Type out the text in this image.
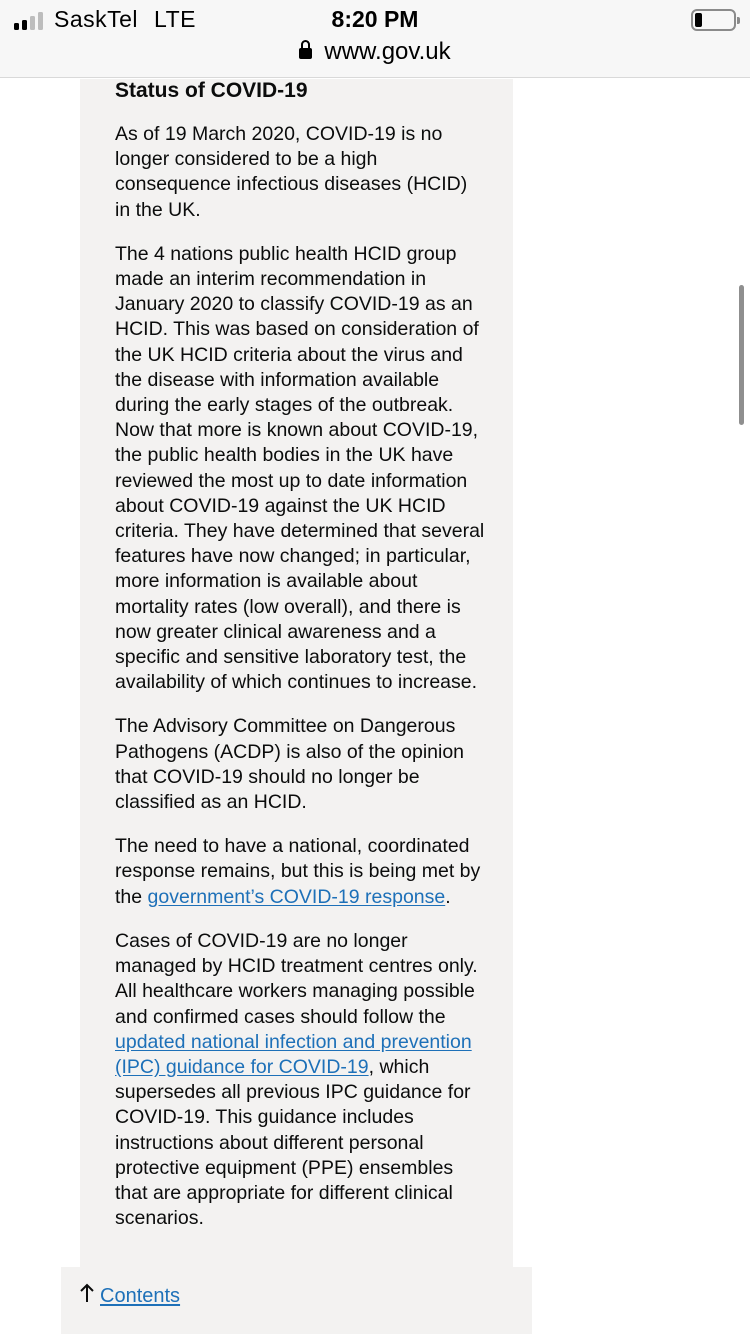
SaskTel LTE	8:20 PM
www.gov.uk
Status of COVID-19

As of 19 March 2020, COVID-19 is no longer considered to be a high consequence infectious diseases (HCID) in the UK.

The 4 nations public health HCID group made an interim recommendation in January 2020 to classify COVID-19 as an HCID. This was based on consideration of the UK HCID criteria about the virus and the disease with information available during the early stages of the outbreak. Now that more is known about COVID-19, the public health bodies in the UK have reviewed the most up to date information about COVID-19 against the UK HCID criteria. They have determined that several features have now changed; in particular, more information is available about mortality rates (low overall), and there is now greater clinical awareness and a specific and sensitive laboratory test, the availability of which continues to increase.

The Advisory Committee on Dangerous Pathogens (ACDP) is also of the opinion that COVID-19 should no longer be classified as an HCID.

The need to have a national, coordinated response remains, but this is being met by the government’s COVID-19 response.

Cases of COVID-19 are no longer managed by HCID treatment centres only. All healthcare workers managing possible and confirmed cases should follow the updated national infection and prevention (IPC) guidance for COVID-19, which supersedes all previous IPC guidance for COVID-19. This guidance includes instructions about different personal protective equipment (PPE) ensembles that are appropriate for different clinical scenarios.

Contents
